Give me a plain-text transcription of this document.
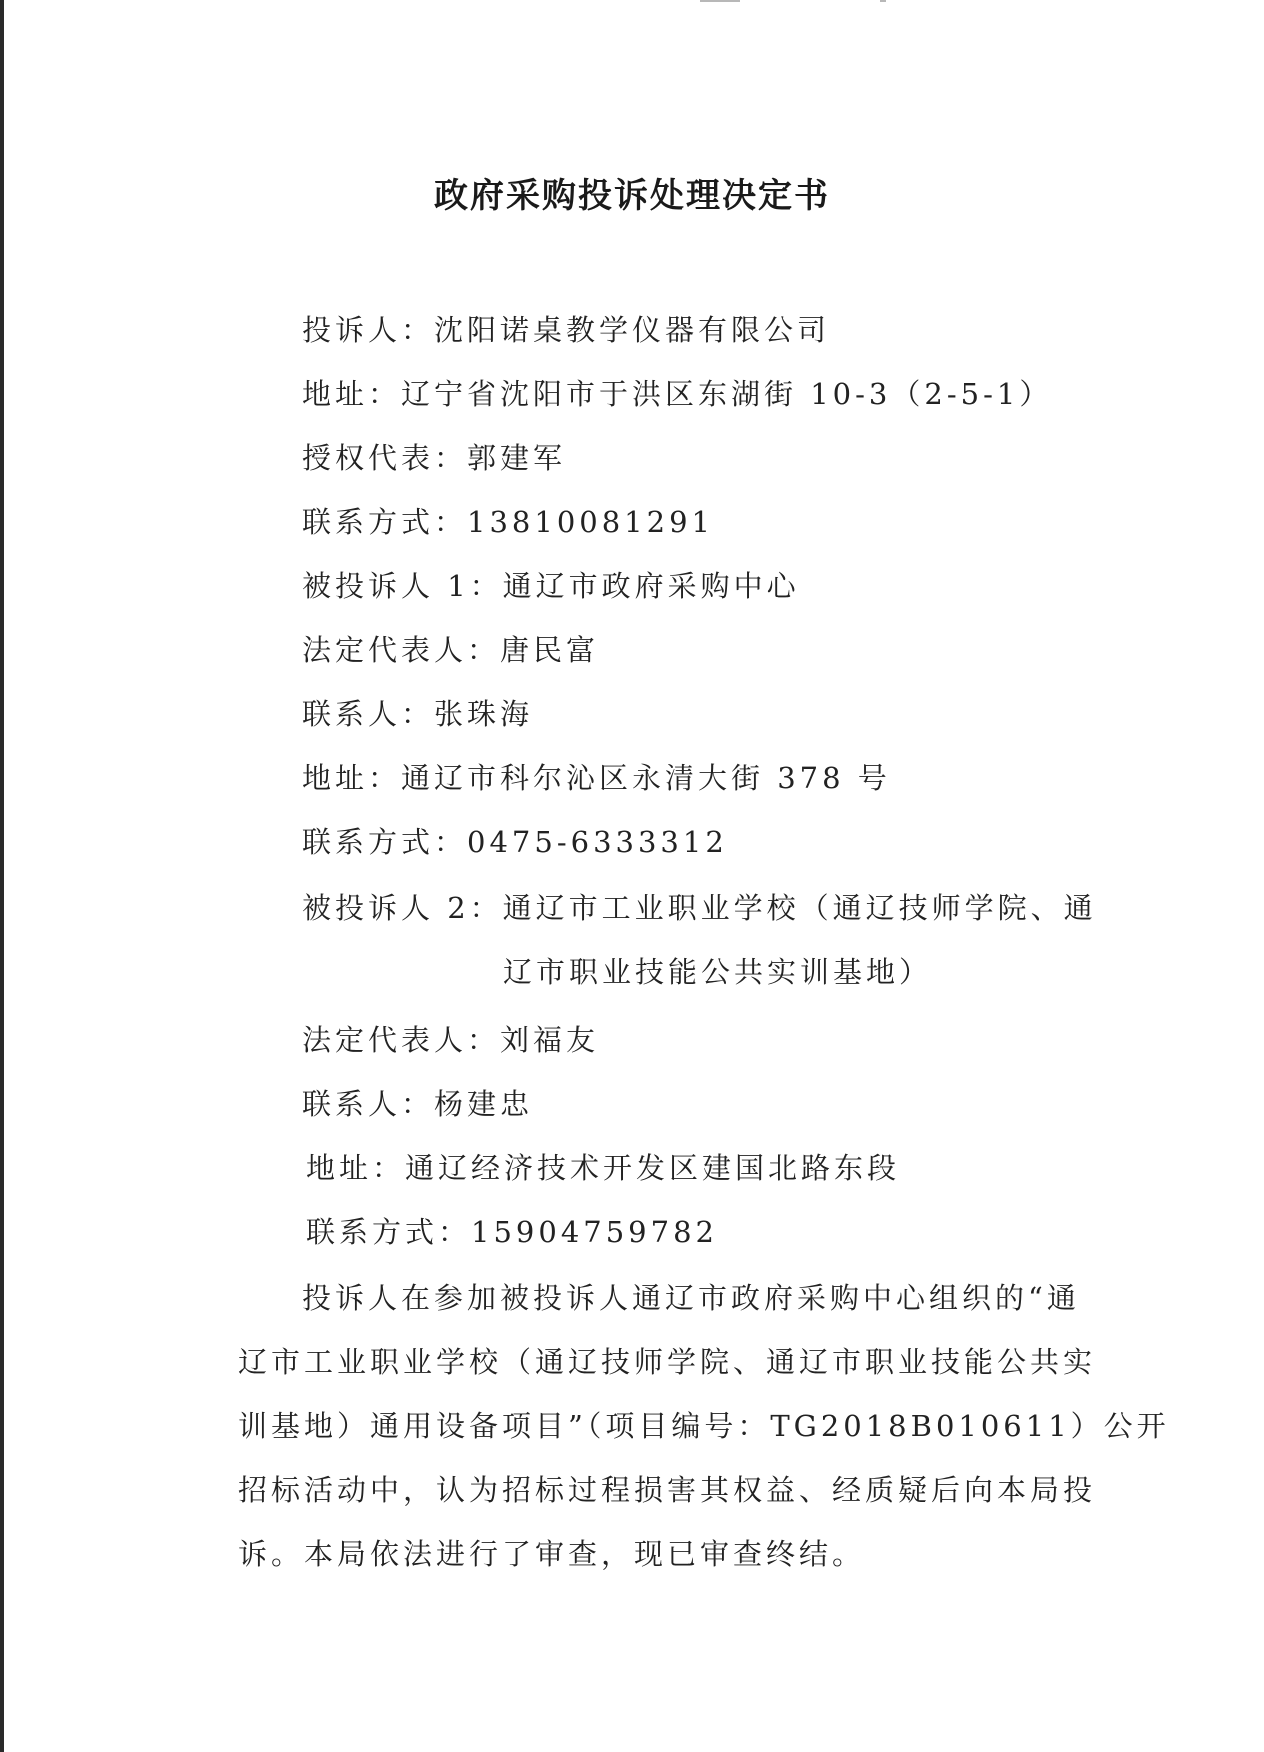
政府采购投诉处理决定书
投诉人：沈阳诺桌教学仪器有限公司
地址：辽宁省沈阳市于洪区东湖街 10-3（2-5-1）
授权代表：郭建军
联系方式：13810081291
被投诉人 1：通辽市政府采购中心
法定代表人：唐民富
联系人：张珠海
地址：通辽市科尔沁区永清大街 378 号
联系方式：0475-6333312
被投诉人 2：通辽市工业职业学校（通辽技师学院、通
辽市职业技能公共实训基地）
法定代表人：刘福友
联系人：杨建忠
地址：通辽经济技术开发区建国北路东段
联系方式：15904759782
投诉人在参加被投诉人通辽市政府采购中心组织的“通
辽市工业职业学校（通辽技师学院、通辽市职业技能公共实
训基地）通用设备项目”（项目编号：TG2018B010611）公开
招标活动中，认为招标过程损害其权益、经质疑后向本局投
诉。本局依法进行了审查，现已审查终结。
